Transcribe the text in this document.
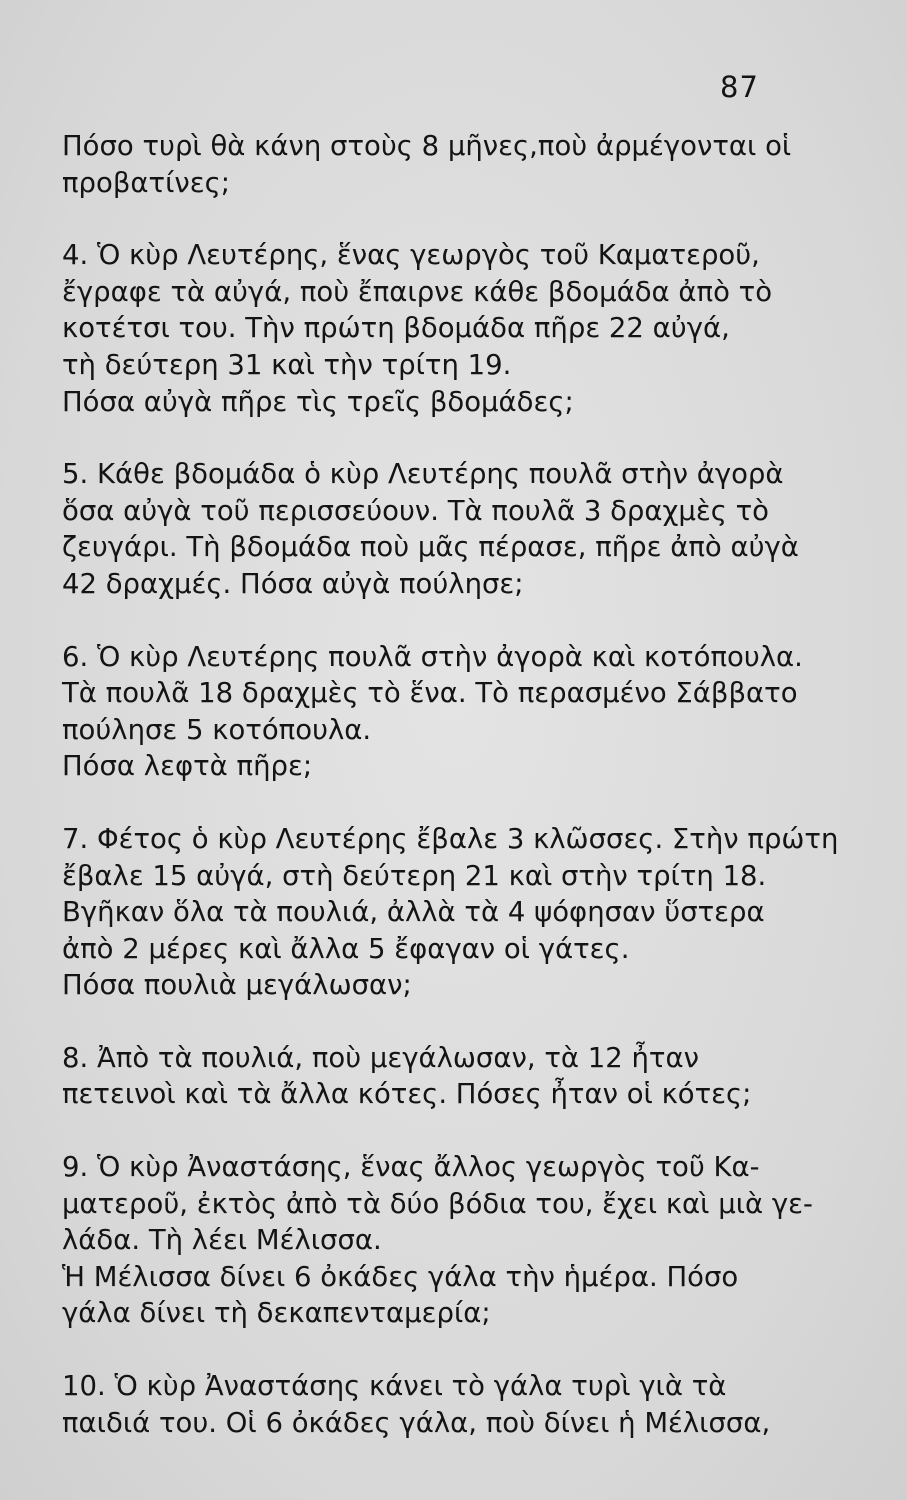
87

Πόσο τυρὶ θὰ κάνη στοὺς 8 μῆνες,ποὺ ἀρμέγονται οἱ
προβατίνες;

4. Ὁ κὺρ Λευτέρης, ἕνας γεωργὸς τοῦ Καματεροῦ,
ἔγραφε τὰ αὐγά, ποὺ ἔπαιρνε κάθε βδομάδα ἀπὸ τὸ
κοτέτσι του. Τὴν πρώτη βδομάδα πῆρε 22 αὐγά,
τὴ δεύτερη 31 καὶ τὴν τρίτη 19.
Πόσα αὐγὰ πῆρε τὶς τρεῖς βδομάδες;

5. Κάθε βδομάδα ὁ κὺρ Λευτέρης πουλᾶ στὴν ἀγορὰ
ὅσα αὐγὰ τοῦ περισσεύουν. Τὰ πουλᾶ 3 δραχμὲς τὸ
ζευγάρι. Τὴ βδομάδα ποὺ μᾶς πέρασε, πῆρε ἀπὸ αὐγὰ
42 δραχμές. Πόσα αὐγὰ πούλησε;

6. Ὁ κὺρ Λευτέρης πουλᾶ στὴν ἀγορὰ καὶ κοτόπουλα.
Τὰ πουλᾶ 18 δραχμὲς τὸ ἕνα. Τὸ περασμένο Σάββατο
πούλησε 5 κοτόπουλα.
Πόσα λεφτὰ πῆρε;

7. Φέτος ὁ κὺρ Λευτέρης ἔβαλε 3 κλῶσσες. Στὴν πρώτη
ἔβαλε 15 αὐγά, στὴ δεύτερη 21 καὶ στὴν τρίτη 18.
Βγῆκαν ὅλα τὰ πουλιά, ἀλλὰ τὰ 4 ψόφησαν ὕστερα
ἀπὸ 2 μέρες καὶ ἄλλα 5 ἔφαγαν οἱ γάτες.
Πόσα πουλιὰ μεγάλωσαν;

8. Ἀπὸ τὰ πουλιά, ποὺ μεγάλωσαν, τὰ 12 ἦταν
πετεινοὶ καὶ τὰ ἄλλα κότες. Πόσες ἦταν οἱ κότες;

9. Ὁ κὺρ Ἀναστάσης, ἕνας ἄλλος γεωργὸς τοῦ Κα-
ματεροῦ, ἐκτὸς ἀπὸ τὰ δύο βόδια του, ἔχει καὶ μιὰ γε-
λάδα. Τὴ λέει Μέλισσα.
Ἡ Μέλισσα δίνει 6 ὀκάδες γάλα τὴν ἡμέρα. Πόσο
γάλα δίνει τὴ δεκαπενταμερία;

10. Ὁ κὺρ Ἀναστάσης κάνει τὸ γάλα τυρὶ γιὰ τὰ
παιδιά του. Οἱ 6 ὀκάδες γάλα, ποὺ δίνει ἡ Μέλισσα,
